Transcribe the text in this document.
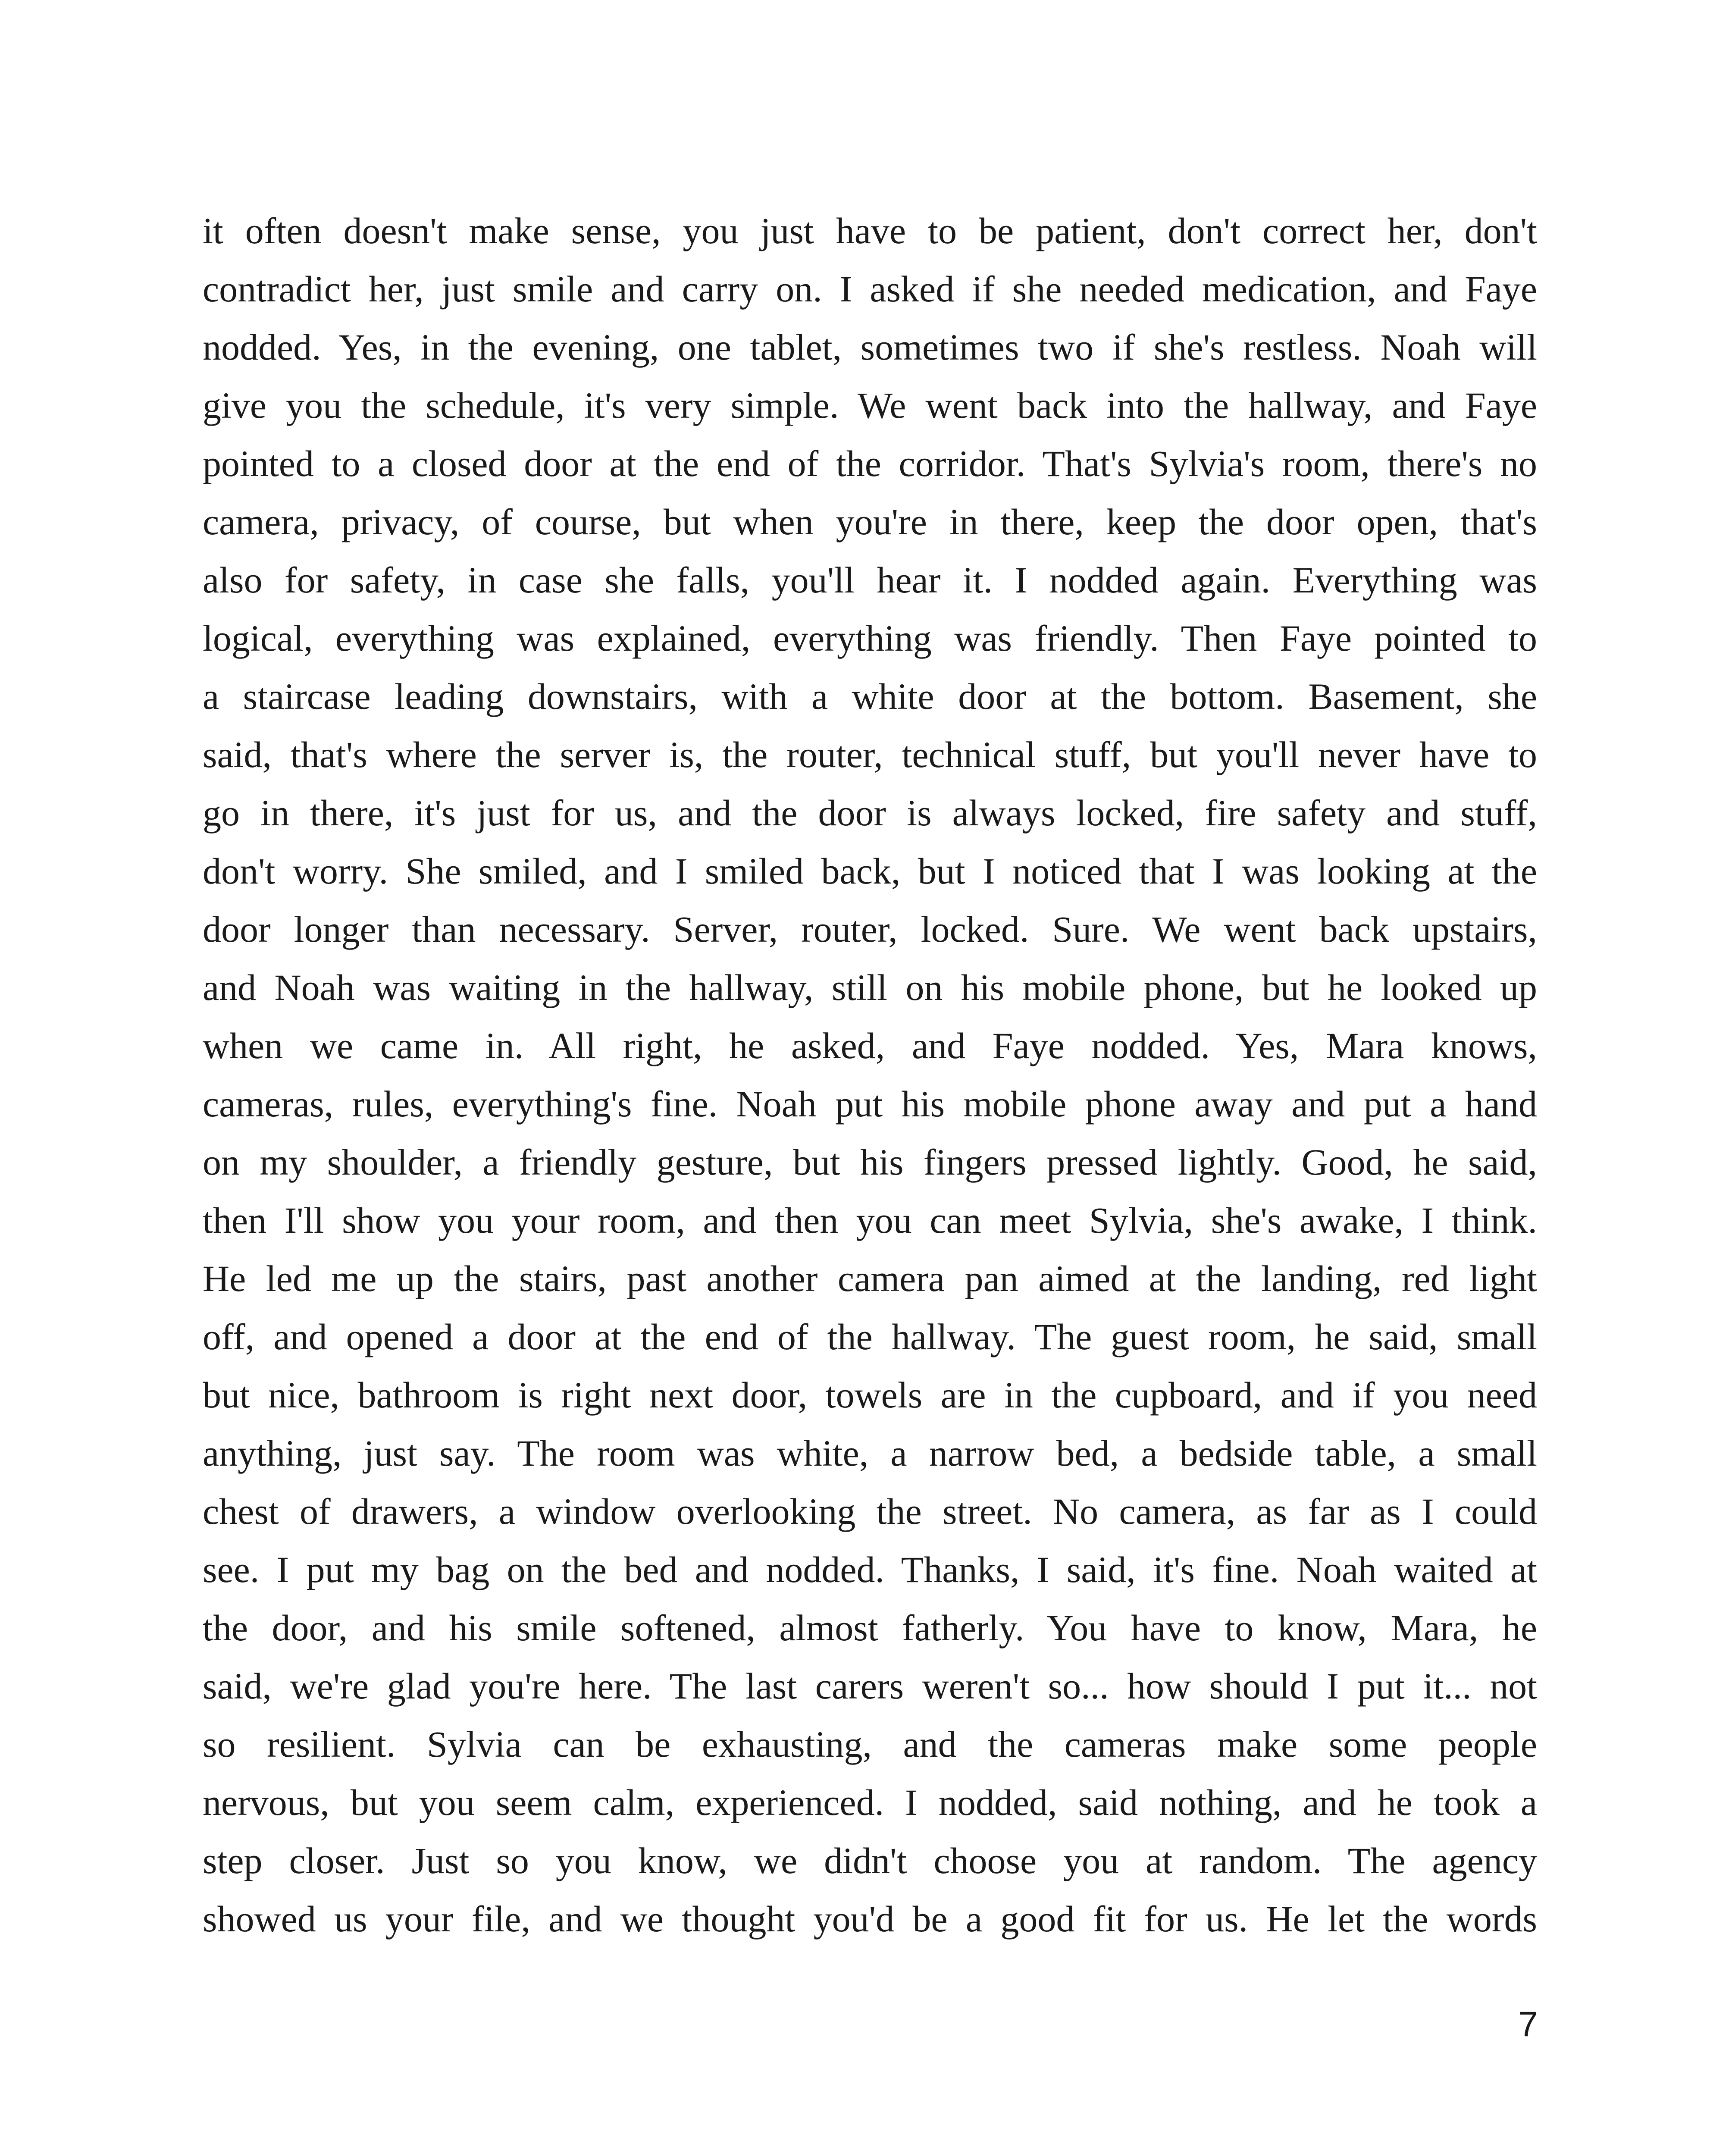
it often doesn't make sense, you just have to be patient, don't correct her, don't
contradict her, just smile and carry on. I asked if she needed medication, and Faye
nodded. Yes, in the evening, one tablet, sometimes two if she's restless. Noah will
give you the schedule, it's very simple. We went back into the hallway, and Faye
pointed to a closed door at the end of the corridor. That's Sylvia's room, there's no
camera, privacy, of course, but when you're in there, keep the door open, that's
also for safety, in case she falls, you'll hear it. I nodded again. Everything was
logical, everything was explained, everything was friendly. Then Faye pointed to
a staircase leading downstairs, with a white door at the bottom. Basement, she
said, that's where the server is, the router, technical stuff, but you'll never have to
go in there, it's just for us, and the door is always locked, fire safety and stuff,
don't worry. She smiled, and I smiled back, but I noticed that I was looking at the
door longer than necessary. Server, router, locked. Sure. We went back upstairs,
and Noah was waiting in the hallway, still on his mobile phone, but he looked up
when we came in. All right, he asked, and Faye nodded. Yes, Mara knows,
cameras, rules, everything's fine. Noah put his mobile phone away and put a hand
on my shoulder, a friendly gesture, but his fingers pressed lightly. Good, he said,
then I'll show you your room, and then you can meet Sylvia, she's awake, I think.
He led me up the stairs, past another camera pan aimed at the landing, red light
off, and opened a door at the end of the hallway. The guest room, he said, small
but nice, bathroom is right next door, towels are in the cupboard, and if you need
anything, just say. The room was white, a narrow bed, a bedside table, a small
chest of drawers, a window overlooking the street. No camera, as far as I could
see. I put my bag on the bed and nodded. Thanks, I said, it's fine. Noah waited at
the door, and his smile softened, almost fatherly. You have to know, Mara, he
said, we're glad you're here. The last carers weren't so... how should I put it... not
so resilient. Sylvia can be exhausting, and the cameras make some people
nervous, but you seem calm, experienced. I nodded, said nothing, and he took a
step closer. Just so you know, we didn't choose you at random. The agency
showed us your file, and we thought you'd be a good fit for us. He let the words
7
